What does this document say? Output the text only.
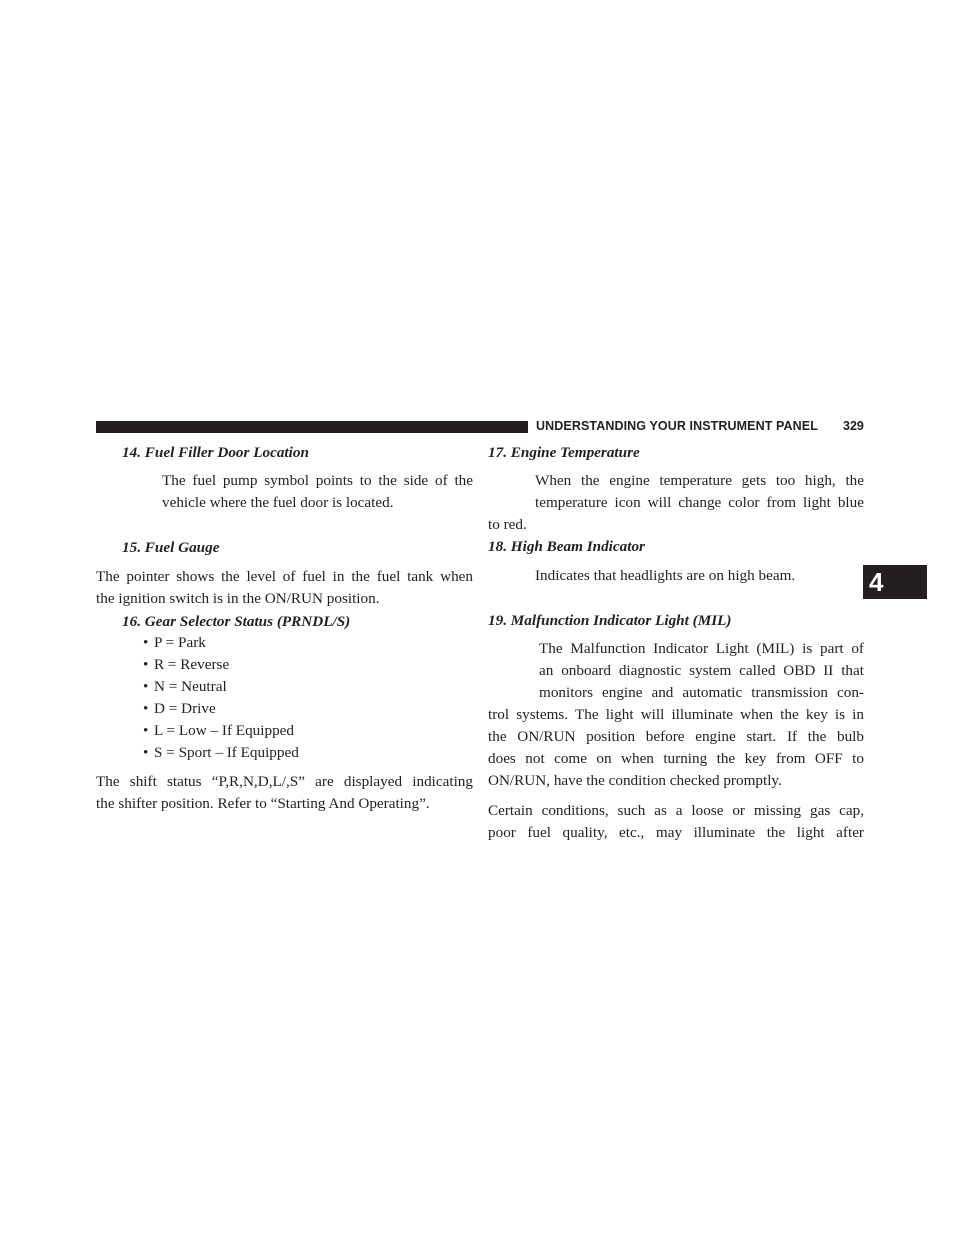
UNDERSTANDING YOUR INSTRUMENT PANEL 329
4
14. Fuel Filler Door Location
The fuel pump symbol points to the side of the
vehicle where the fuel door is located.
15. Fuel Gauge
The pointer shows the level of fuel in the fuel tank when
the ignition switch is in the ON/RUN position.
16. Gear Selector Status (PRNDL/S)
• P = Park
• R = Reverse
• N = Neutral
• D = Drive
• L = Low – If Equipped
• S = Sport – If Equipped
The shift status “P,R,N,D,L/,S” are displayed indicating
the shifter position. Refer to “Starting And Operating”.
17. Engine Temperature
When the engine temperature gets too high, the
temperature icon will change color from light blue
to red.
18. High Beam Indicator
Indicates that headlights are on high beam.
19. Malfunction Indicator Light (MIL)
The Malfunction Indicator Light (MIL) is part of
an onboard diagnostic system called OBD II that
monitors engine and automatic transmission con-
trol systems. The light will illuminate when the key is in
the ON/RUN position before engine start. If the bulb
does not come on when turning the key from OFF to
ON/RUN, have the condition checked promptly.
Certain conditions, such as a loose or missing gas cap,
poor fuel quality, etc., may illuminate the light after
